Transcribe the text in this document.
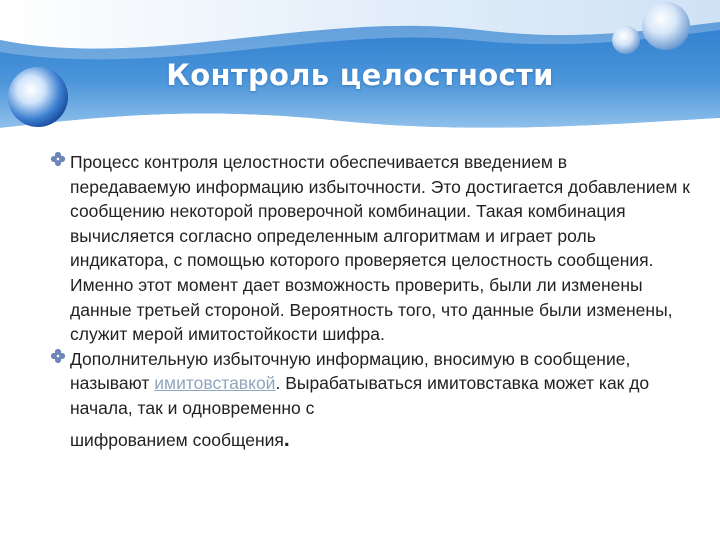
Контроль целостности

Процесс контроля целостности обеспечивается введением в передаваемую информацию избыточности. Это достигается добавлением к сообщению некоторой проверочной комбинации. Такая комбинация вычисляется согласно определенным алгоритмам и играет роль индикатора, с помощью которого проверяется целостность сообщения. Именно этот момент дает возможность проверить, были ли изменены данные третьей стороной. Вероятность того, что данные были изменены, служит мерой имитостойкости шифра.

Дополнительную избыточную информацию, вносимую в сообщение, называют имитовставкой. Вырабатываться имитовставка может как до начала, так и одновременно с
шифрованием сообщения.
